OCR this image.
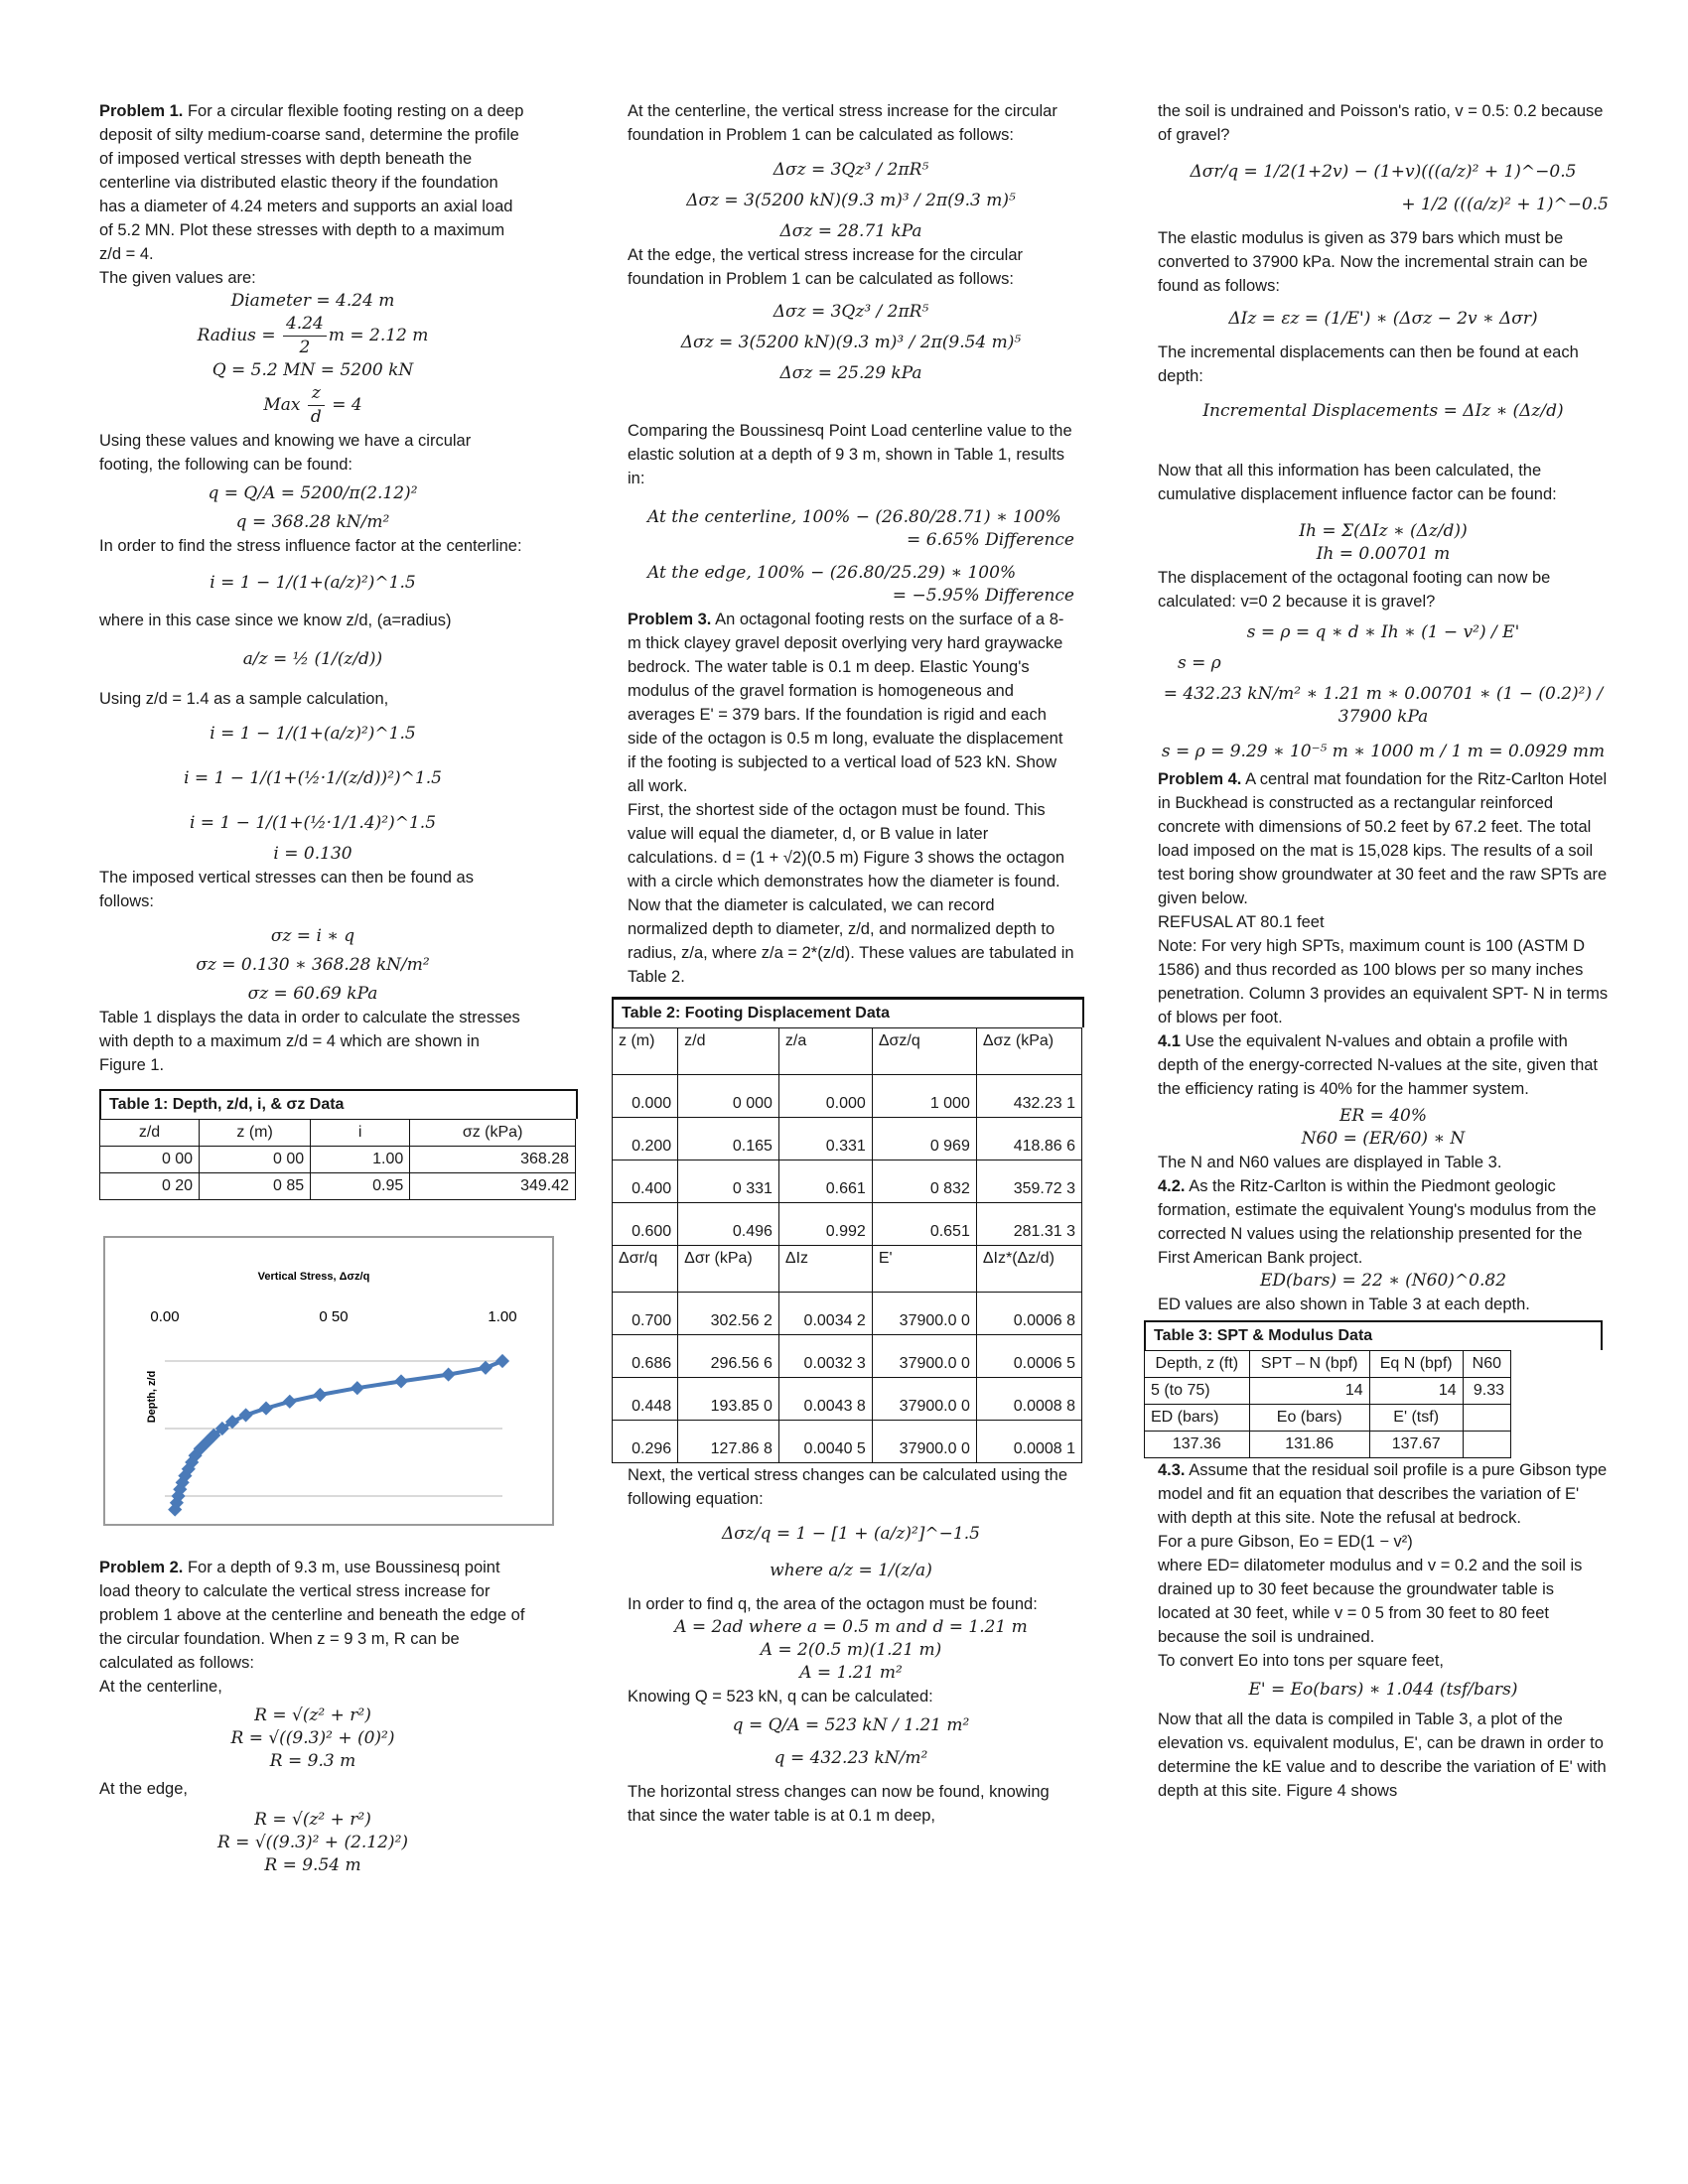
Problem 1. For a circular flexible footing resting on a deep deposit of silty medium-coarse sand, determine the profile of imposed vertical stresses with depth beneath the centerline via distributed elastic theory if the foundation has a diameter of 4.24 meters and supports an axial load of 5.2 MN. Plot these stresses with depth to a maximum z/d = 4.

The given values are:

Diameter = 4.24 m
Radius = $\frac{4.24}{2}$ m = 2.12 m
Q = 5.2 MN = 5200 kN
Max $\frac{z}{d} = 4$

Using these values and knowing we have a circular footing, the following can be found:

q = Q/A = 5200/π(2.12)²
q = 368.28 kN/m²

In order to find the stress influence factor at the centerline:

i = 1 − 1/(1+(a/z)²)^1.5

where in this case since we know z/d, (a=radius)

a/z = ½ (1/(z/d))

Using z/d = 1.4 as a sample calculation,

i = 1 − 1/(1+(a/z)²)^1.5
i = 1 − 1/(1+(½·1/(z/d))²)^1.5
i = 1 − 1/(1+(½·1/1.4)²)^1.5
i = 0.130

The imposed vertical stresses can then be found as follows:

σz = i ∗ q
σz = 0.130 ∗ 368.28 kN/m²
σz = 60.69 kPa

Table 1 displays the data in order to calculate the stresses with depth to a maximum z/d = 4 which are shown in Figure 1.

Table 1: Depth, z/d, i, & σz Data
z/d	z (m)	i	σz (kPa)
0 00	0 00	1.00	368.28
0 20	0 85	0.95	349.42
Vertical Stress, Δσz/q
Depth, z/d
0.00	0 50	1.00

Problem 2. For a depth of 9.3 m, use Boussinesq point load theory to calculate the vertical stress increase for problem 1 above at the centerline and beneath the edge of the circular foundation. When z = 9 3 m, R can be calculated as follows:

At the centerline,

R = √(z² + r²)
R = √((9.3)² + (0)²)
R = 9.3 m

At the edge,

R = √(z² + r²)
R = √((9.3)² + (2.12)²)
R = 9.54 m

At the centerline, the vertical stress increase for the circular foundation in Problem 1 can be calculated as follows:

Δσz = 3Qz³ / 2πR⁵
Δσz = 3(5200 kN)(9.3 m)³ / 2π(9.3 m)⁵
Δσz = 28.71 kPa

At the edge, the vertical stress increase for the circular foundation in Problem 1 can be calculated as follows:

Δσz = 3Qz³ / 2πR⁵
Δσz = 3(5200 kN)(9.3 m)³ / 2π(9.54 m)⁵
Δσz = 25.29 kPa

Comparing the Boussinesq Point Load centerline value to the elastic solution at a depth of 9 3 m, shown in Table 1, results in:

At the centerline, 100% − (26.80/28.71) ∗ 100%
= 6.65% Difference
At the edge, 100% − (26.80/25.29) ∗ 100%
= −5.95% Difference

Problem 3. An octagonal footing rests on the surface of a 8-m thick clayey gravel deposit overlying very hard graywacke bedrock. The water table is 0.1 m deep. Elastic Young's modulus of the gravel formation is homogeneous and averages E' = 379 bars. If the foundation is rigid and each side of the octagon is 0.5 m long, evaluate the displacement if the footing is subjected to a vertical load of 523 kN. Show all work.

First, the shortest side of the octagon must be found. This value will equal the diameter, d, or B value in later calculations. d = (1 + √2)(0.5 m) Figure 3 shows the octagon with a circle which demonstrates how the diameter is found.

Now that the diameter is calculated, we can record normalized depth to diameter, z/d, and normalized depth to radius, z/a, where z/a = 2*(z/d). These values are tabulated in Table 2.

Table 2: Footing Displacement Data
z (m)	z/d	z/a	Δσz/q	Δσz (kPa)
0.000	0 000	0.000	1 000	432.23 1
0.200	0.165	0.331	0 969	418.86 6
0.400	0 331	0.661	0 832	359.72 3
0.600	0.496	0.992	0.651	281.31 3
Δσr/q	Δσr (kPa)	ΔIz	E'	ΔIz*(Δz/d)
0.700	302.56 2	0.0034 2	37900.0 0	0.0006 8
0.686	296.56 6	0.0032 3	37900.0 0	0.0006 5
0.448	193.85 0	0.0043 8	37900.0 0	0.0008 8
0.296	127.86 8	0.0040 5	37900.0 0	0.0008 1

Next, the vertical stress changes can be calculated using the following equation:

Δσz/q = 1 − [1 + (a/z)²]^−1.5
where a/z = 1/(z/a)

In order to find q, the area of the octagon must be found:

A = 2ad where a = 0.5 m and d = 1.21 m
A = 2(0.5 m)(1.21 m)
A = 1.21 m²

Knowing Q = 523 kN, q can be calculated:

q = Q/A = 523 kN / 1.21 m²
q = 432.23 kN/m²

The horizontal stress changes can now be found, knowing that since the water table is at 0.1 m deep,

the soil is undrained and Poisson's ratio, v = 0.5: 0.2 because of gravel?

Δσr/q = 1/2(1+2v) − (1+v)(((a/z)² + 1)^−0.5
+ 1/2 (((a/z)² + 1)^−0.5

The elastic modulus is given as 379 bars which must be converted to 37900 kPa. Now the incremental strain can be found as follows:

ΔIz = εz = (1/E') ∗ (Δσz − 2v ∗ Δσr)

The incremental displacements can then be found at each depth:

Incremental Displacements = ΔIz ∗ (Δz/d)

Now that all this information has been calculated, the cumulative displacement influence factor can be found:

Ih = Σ(ΔIz ∗ (Δz/d))
Ih = 0.00701 m

The displacement of the octagonal footing can now be calculated: v=0 2 because it is gravel?

s = ρ = q ∗ d ∗ Ih ∗ (1 − v²) / E'
s = ρ
= 432.23 kN/m² ∗ 1.21 m ∗ 0.00701 ∗ (1 − (0.2)²) / 37900 kPa
s = ρ = 9.29 ∗ 10⁻⁵ m ∗ 1000 m / 1 m = 0.0929 mm

Problem 4. A central mat foundation for the Ritz-Carlton Hotel in Buckhead is constructed as a rectangular reinforced concrete with dimensions of 50.2 feet by 67.2 feet. The total load imposed on the mat is 15,028 kips. The results of a soil test boring show groundwater at 30 feet and the raw SPTs are given below.

REFUSAL AT 80.1 feet

Note: For very high SPTs, maximum count is 100 (ASTM D 1586) and thus recorded as 100 blows per so many inches penetration. Column 3 provides an equivalent SPT- N in terms of blows per foot.

4.1 Use the equivalent N-values and obtain a profile with depth of the energy-corrected N-values at the site, given that the efficiency rating is 40% for the hammer system.

ER = 40%
N60 = (ER/60) ∗ N

The N and N60 values are displayed in Table 3.

4.2. As the Ritz-Carlton is within the Piedmont geologic formation, estimate the equivalent Young's modulus from the corrected N values using the relationship presented for the First American Bank project.

ED(bars) = 22 ∗ (N60)^0.82

ED values are also shown in Table 3 at each depth.

Table 3: SPT & Modulus Data
Depth, z (ft)	SPT – N (bpf)	Eq N (bpf)	N60
5 (to 75)	14	14	9.33
ED (bars)	Eo (bars)	E' (tsf)	
137.36	131.86	137.67	

4.3. Assume that the residual soil profile is a pure Gibson type model and fit an equation that describes the variation of E' with depth at this site. Note the refusal at bedrock.

For a pure Gibson, Eo = ED(1 − v²)

where ED= dilatometer modulus and v = 0.2 and the soil is drained up to 30 feet because the groundwater table is located at 30 feet, while v = 0 5 from 30 feet to 80 feet because the soil is undrained.

To convert Eo into tons per square feet,

E' = Eo(bars) ∗ 1.044 (tsf/bars)

Now that all the data is compiled in Table 3, a plot of the elevation vs. equivalent modulus, E', can be drawn in order to determine the kE value and to describe the variation of E' with depth at this site. Figure 4 shows
